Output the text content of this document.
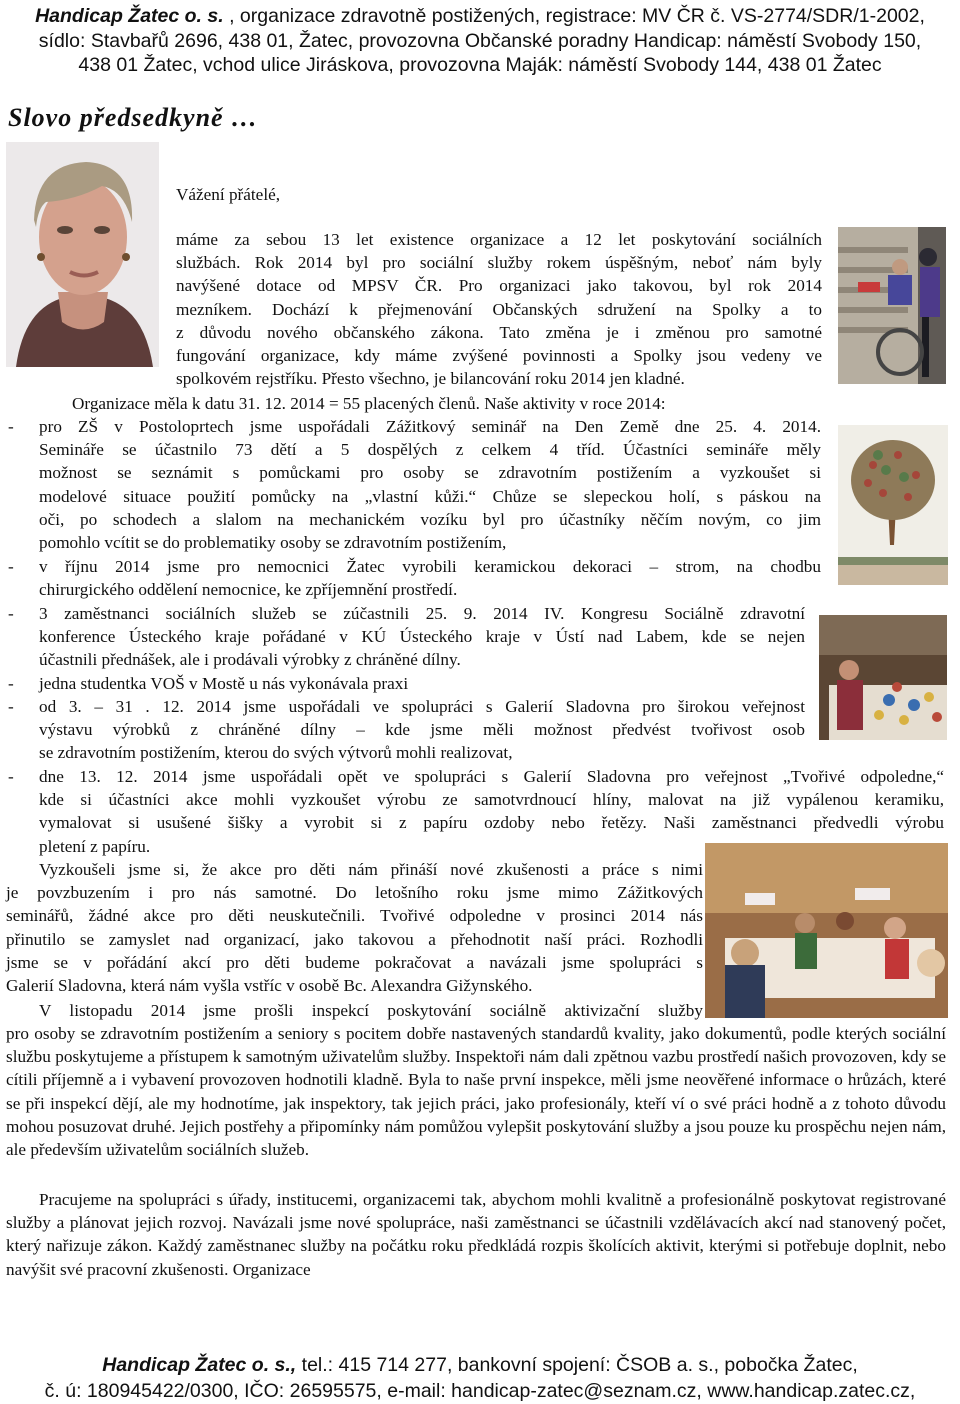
Handicap Žatec o. s. , organizace zdravotně postižených, registrace: MV ČR č. VS-2774/SDR/1-2002,
sídlo: Stavbařů 2696, 438 01, Žatec, provozovna Občanské poradny Handicap: náměstí Svobody 150,
438 01 Žatec, vchod ulice Jiráskova, provozovna Maják: náměstí Svobody 144, 438 01 Žatec
Slovo předsedkyně …
Vážení přátelé,
máme za sebou 13 let existence organizace a 12 let poskytování sociálních
službách. Rok 2014 byl pro sociální služby rokem úspěšným, neboť nám byly
navýšené dotace od MPSV ČR. Pro organizaci jako takovou, byl rok 2014
mezníkem. Dochází k přejmenování Občanských sdružení na Spolky a to
z důvodu nového občanského zákona. Tato změna je i změnou pro samotné
fungování organizace, kdy máme zvýšené povinnosti a Spolky jsou vedeny ve
spolkovém rejstříku. Přesto všechno, je bilancování roku 2014 jen kladné.
Organizace měla k datu 31. 12. 2014 = 55 placených členů. Naše aktivity v roce 2014:
- pro ZŠ v Postoloprtech jsme uspořádali Zážitkový seminář na Den Země dne 25. 4. 2014.
Semináře se účastnilo 73 dětí a 5 dospělých z celkem 4 tříd. Účastníci semináře měly
možnost se seznámit s pomůckami pro osoby se zdravotním postižením a vyzkoušet si
modelové situace použití pomůcky na „vlastní kůži.“ Chůze se slepeckou holí, s páskou na
oči, po schodech a slalom na mechanickém vozíku byl pro účastníky něčím novým, co jim
pomohlo vcítit se do problematiky osoby se zdravotním postižením,
- v říjnu 2014 jsme pro nemocnici Žatec vyrobili keramickou dekoraci – strom, na chodbu
chirurgického oddělení nemocnice, ke zpříjemnění prostředí.
- 3 zaměstnanci sociálních služeb se zúčastnili 25. 9. 2014 IV. Kongresu Sociálně zdravotní
konference Ústeckého kraje pořádané v KÚ Ústeckého kraje v Ústí nad Labem, kde se nejen
účastnili přednášek, ale i prodávali výrobky z chráněné dílny.
- jedna studentka VOŠ v Mostě u nás vykonávala praxi
- od 3. – 31 . 12. 2014 jsme uspořádali ve spolupráci s Galerií Sladovna pro širokou veřejnost
výstavu výrobků z chráněné dílny – kde jsme měli možnost předvést tvořivost osob
se zdravotním postižením, kterou do svých výtvorů mohli realizovat,
- dne 13. 12. 2014 jsme uspořádali opět ve spolupráci s Galerií Sladovna pro veřejnost „Tvořivé odpoledne,“
kde si účastníci akce mohli vyzkoušet výrobu ze samotvrdnoucí hlíny, malovat na již vypálenou keramiku,
vymalovat si usušené šišky a vyrobit si z papíru ozdoby nebo řetězy. Naši zaměstnanci předvedli výrobu
pletení z papíru.
Vyzkoušeli jsme si, že akce pro děti nám přináší nové zkušenosti a práce s nimi
je povzbuzením i pro nás samotné. Do letošního roku jsme mimo Zážitkových
seminářů, žádné akce pro děti neuskutečnili. Tvořivé odpoledne v prosinci 2014 nás
přinutilo se zamyslet nad organizací, jako takovou a přehodnotit naší práci. Rozhodli
jsme se v pořádání akcí pro děti budeme pokračovat a navázali jsme spolupráci s
Galerií Sladovna, která nám vyšla vstříc v osobě Bc. Alexandra Gižynského.
V listopadu 2014 jsme prošli inspekcí poskytování sociálně aktivizační služby
pro osoby se zdravotním postižením a seniory s pocitem dobře nastavených standardů kvality, jako dokumentů, podle kterých sociální službu poskytujeme a přístupem k samotným uživatelům služby. Inspektoři nám dali zpětnou vazbu prostředí našich provozoven, kdy se cítili příjemně a i vybavení provozoven hodnotili kladně. Byla to naše první inspekce, měli jsme neověřené informace o hrůzách, které se při inspekcí dějí, ale my hodnotíme, jak inspektory, tak jejich práci, jako profesionály, kteří ví o své práci hodně a z tohoto důvodu mohou posuzovat druhé. Jejich postřehy a připomínky nám pomůžou vylepšit poskytování služby a jsou pouze ku prospěchu nejen nám, ale především uživatelům sociálních služeb.
Pracujeme na spolupráci s úřady, institucemi, organizacemi tak, abychom mohli kvalitně a profesionálně poskytovat registrované služby a plánovat jejich rozvoj. Navázali jsme nové spolupráce, naši zaměstnanci se účastnili vzdělávacích akcí nad stanovený počet, který nařizuje zákon. Každý zaměstnanec služby na počátku roku předkládá rozpis školících aktivit, kterými si potřebuje doplnit, nebo navýšit své pracovní zkušenosti. Organizace
Handicap Žatec o. s., tel.: 415 714 277, bankovní spojení: ČSOB a. s., pobočka Žatec,
č. ú: 180945422/0300, IČO: 26595575, e-mail: handicap-zatec@seznam.cz, www.handicap.zatec.cz,
